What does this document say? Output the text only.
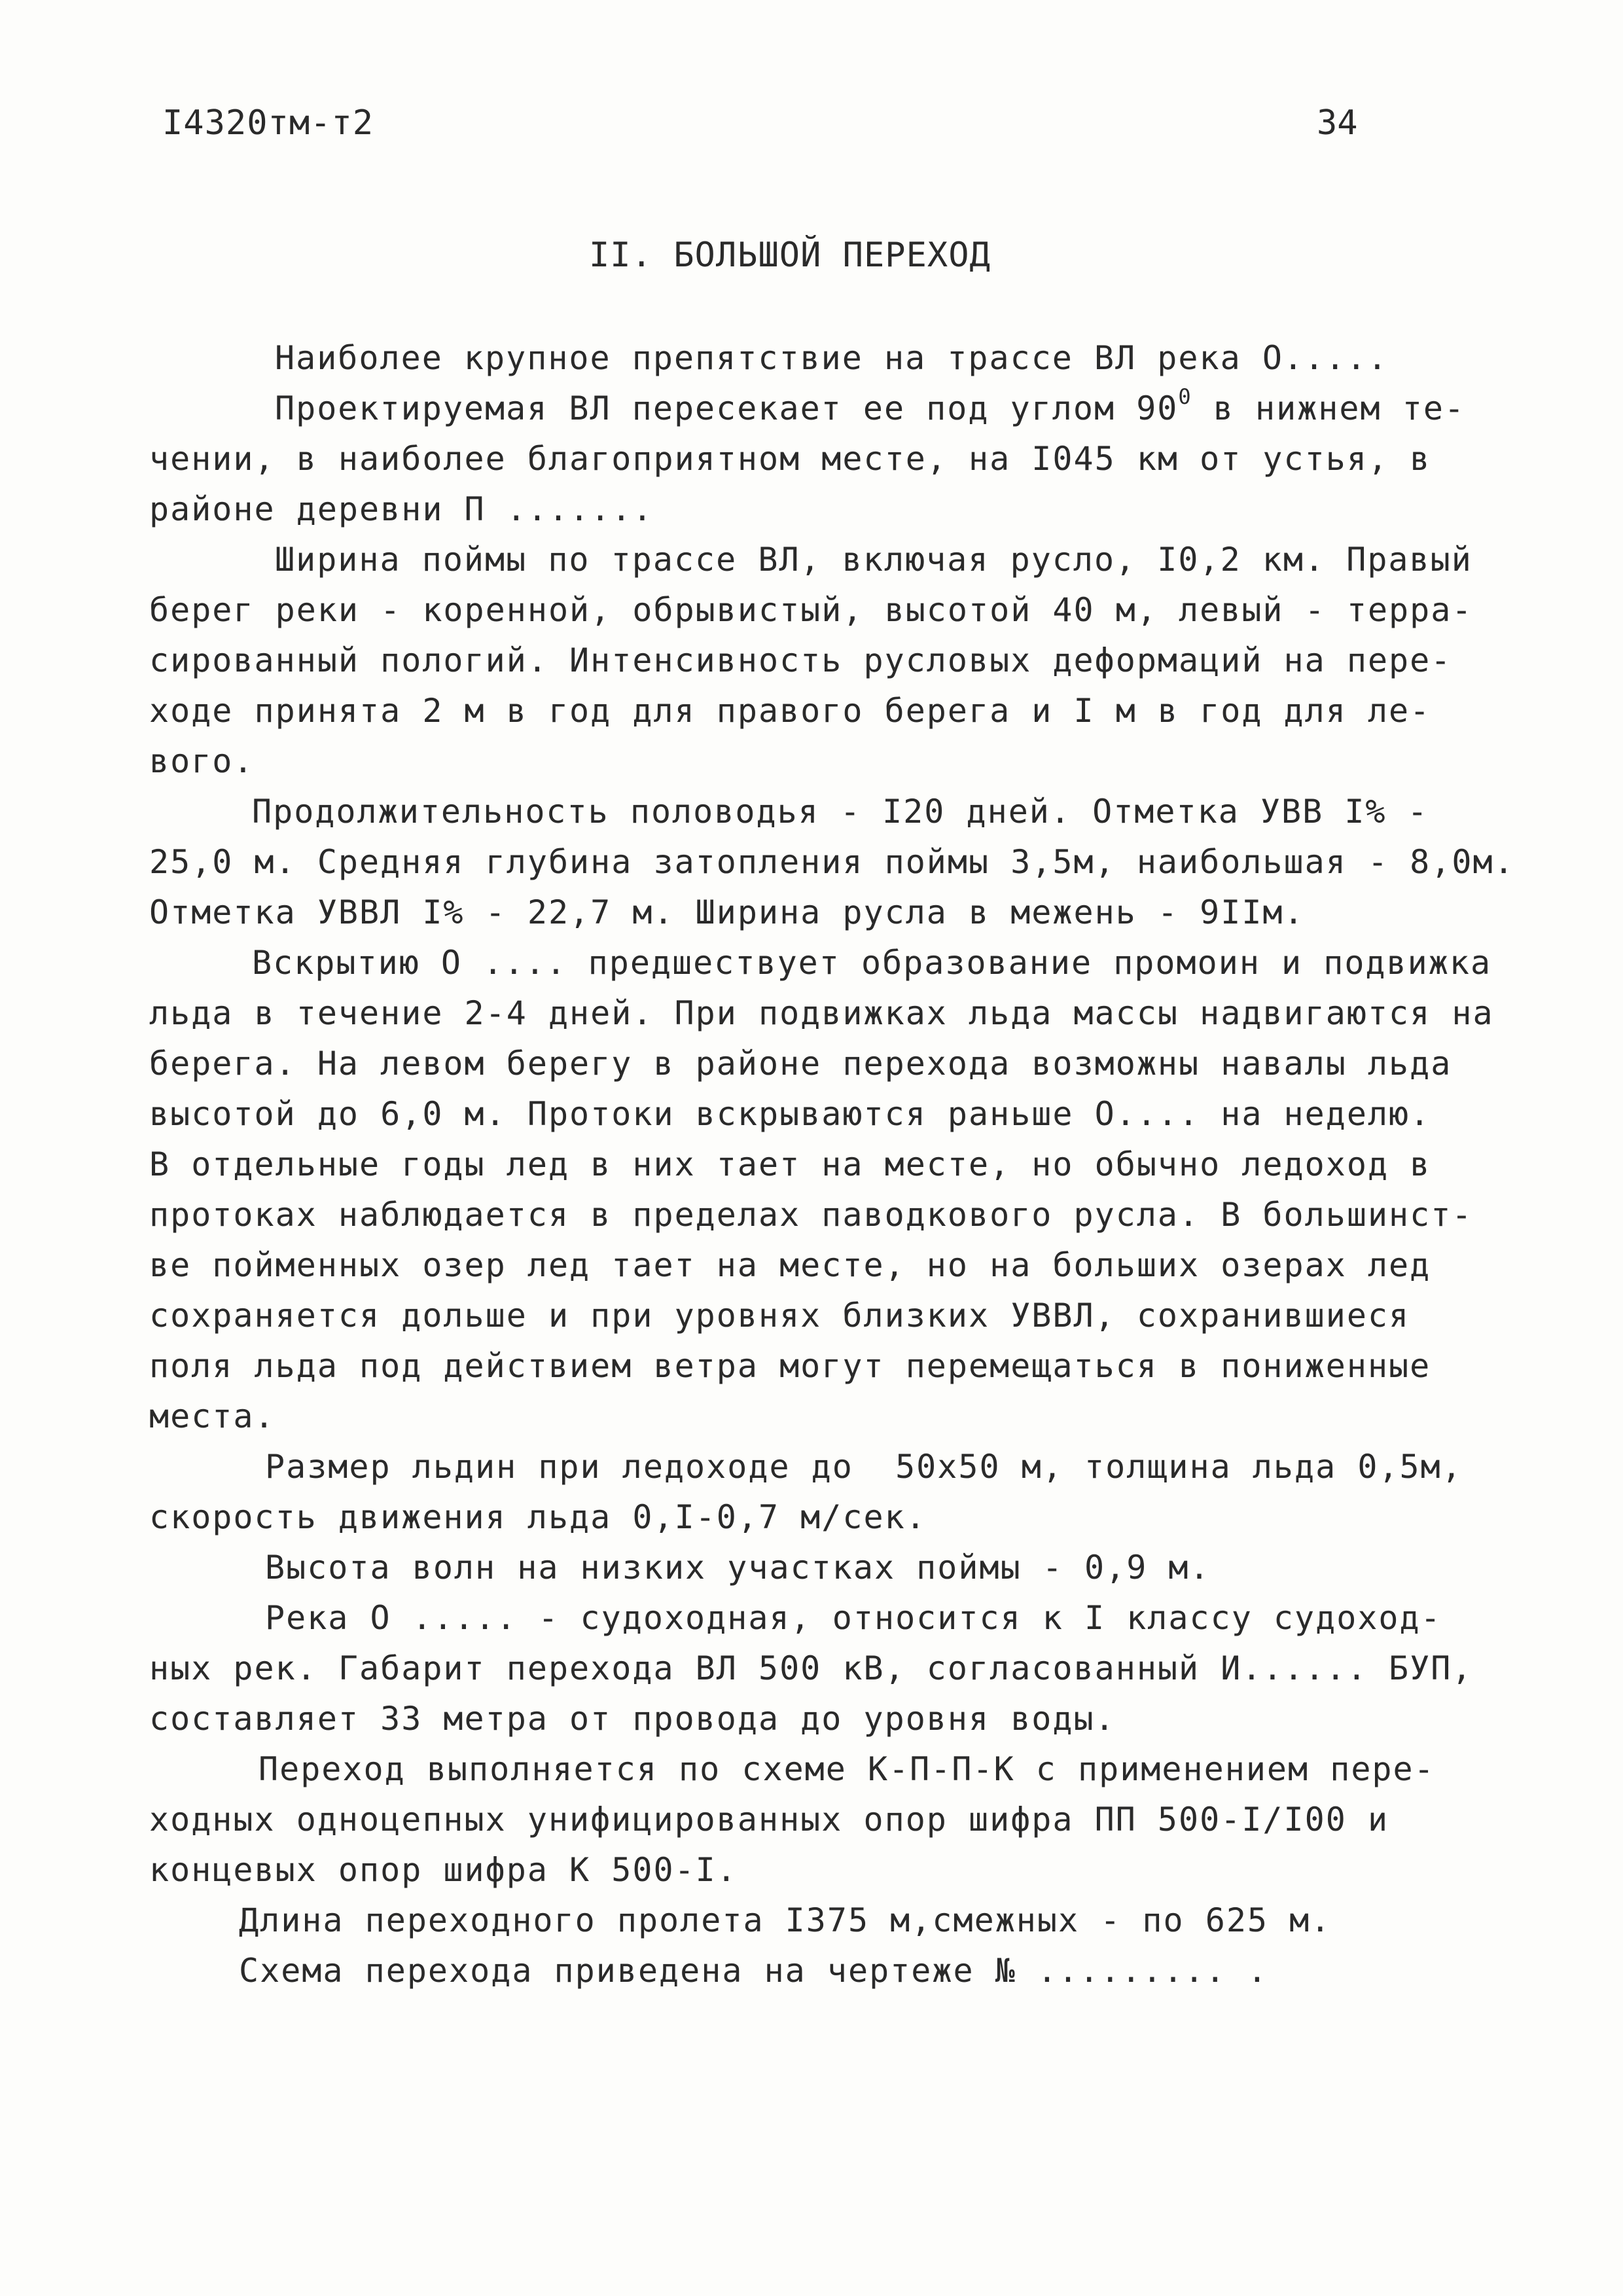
I4320тм-т2	34
II. БОЛЬШОЙ ПЕРЕХОД
Наиболее крупное препятствие на трассе ВЛ река О.....
Проектируемая ВЛ пересекает ее под углом $90^0$ в нижнем те-
чении, в наиболее благоприятном месте, на I045 км от устья, в
районе деревни П .......
Ширина поймы по трассе ВЛ, включая русло, I0,2 км. Правый
берег реки - коренной, обрывистый, высотой 40 м, левый - терра-
сированный пологий. Интенсивность русловых деформаций на пере-
ходе принята 2 м в год для правого берега и I м в год для ле-
вого.
Продолжительность половодья - I20 дней. Отметка УВВ I% -
25,0 м. Средняя глубина затопления поймы 3,5м, наибольшая - 8,0м.
Отметка УВВЛ I% - 22,7 м. Ширина русла в межень - 9IIм.
Вскрытию О .... предшествует образование промоин и подвижка
льда в течение 2-4 дней. При подвижках льда массы надвигаются на
берега. На левом берегу в районе перехода возможны навалы льда
высотой до 6,0 м. Протоки вскрываются раньше О.... на неделю.
В отдельные годы лед в них тает на месте, но обычно ледоход в
протоках наблюдается в пределах паводкового русла. В большинст-
ве пойменных озер лед тает на месте, но на больших озерах лед
сохраняется дольше и при уровнях близких УВВЛ, сохранившиеся
поля льда под действием ветра могут перемещаться в пониженные
места.
Размер льдин при ледоходе до  50х50 м, толщина льда 0,5м,
скорость движения льда 0,I-0,7 м/сек.
Высота волн на низких участках поймы - 0,9 м.
Река О ..... - судоходная, относится к I классу судоход-
ных рек. Габарит перехода ВЛ 500 кВ, согласованный И...... БУП,
составляет 33 метра от провода до уровня воды.
Переход выполняется по схеме К-П-П-К с применением пере-
ходных одноцепных унифицированных опор шифра ПП 500-I/I00 и
концевых опор шифра К 500-I.
Длина переходного пролета I375 м,смежных - по 625 м.
Схема перехода приведена на чертеже № ......... .
